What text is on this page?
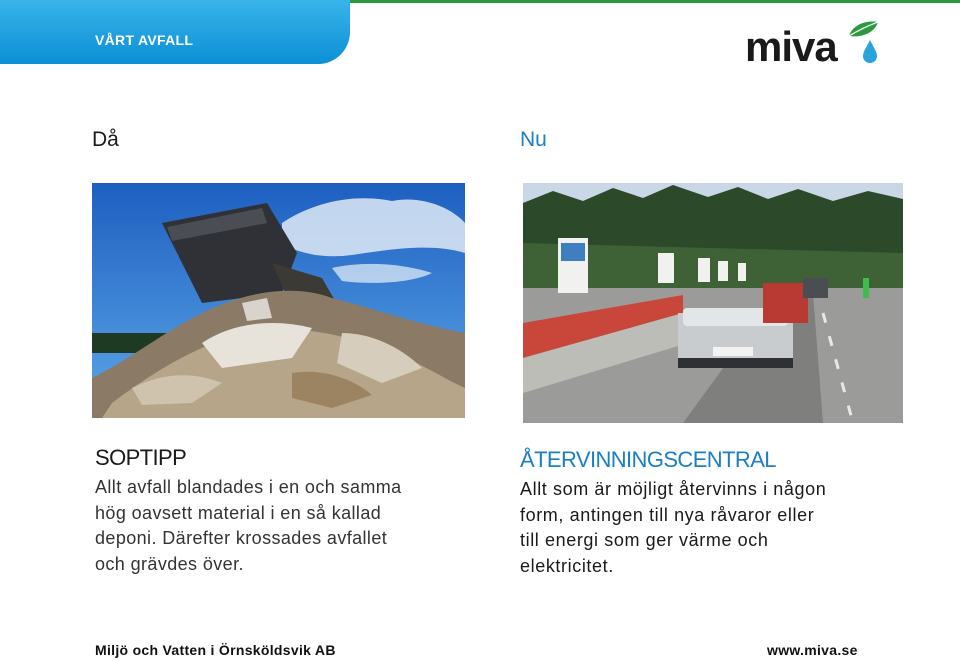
VÅRT AVFALL	miva
Då	Nu
SOPTIPP
Allt avfall blandades i en och samma
hög oavsett material i en så kallad
deponi. Därefter krossades avfallet
och grävdes över.
ÅTERVINNINGSCENTRAL
Allt som är möjligt återvinns i någon
form, antingen till nya råvaror eller
till energi som ger värme och
elektricitet.
Miljö och Vatten i Örnsköldsvik AB	www.miva.se
